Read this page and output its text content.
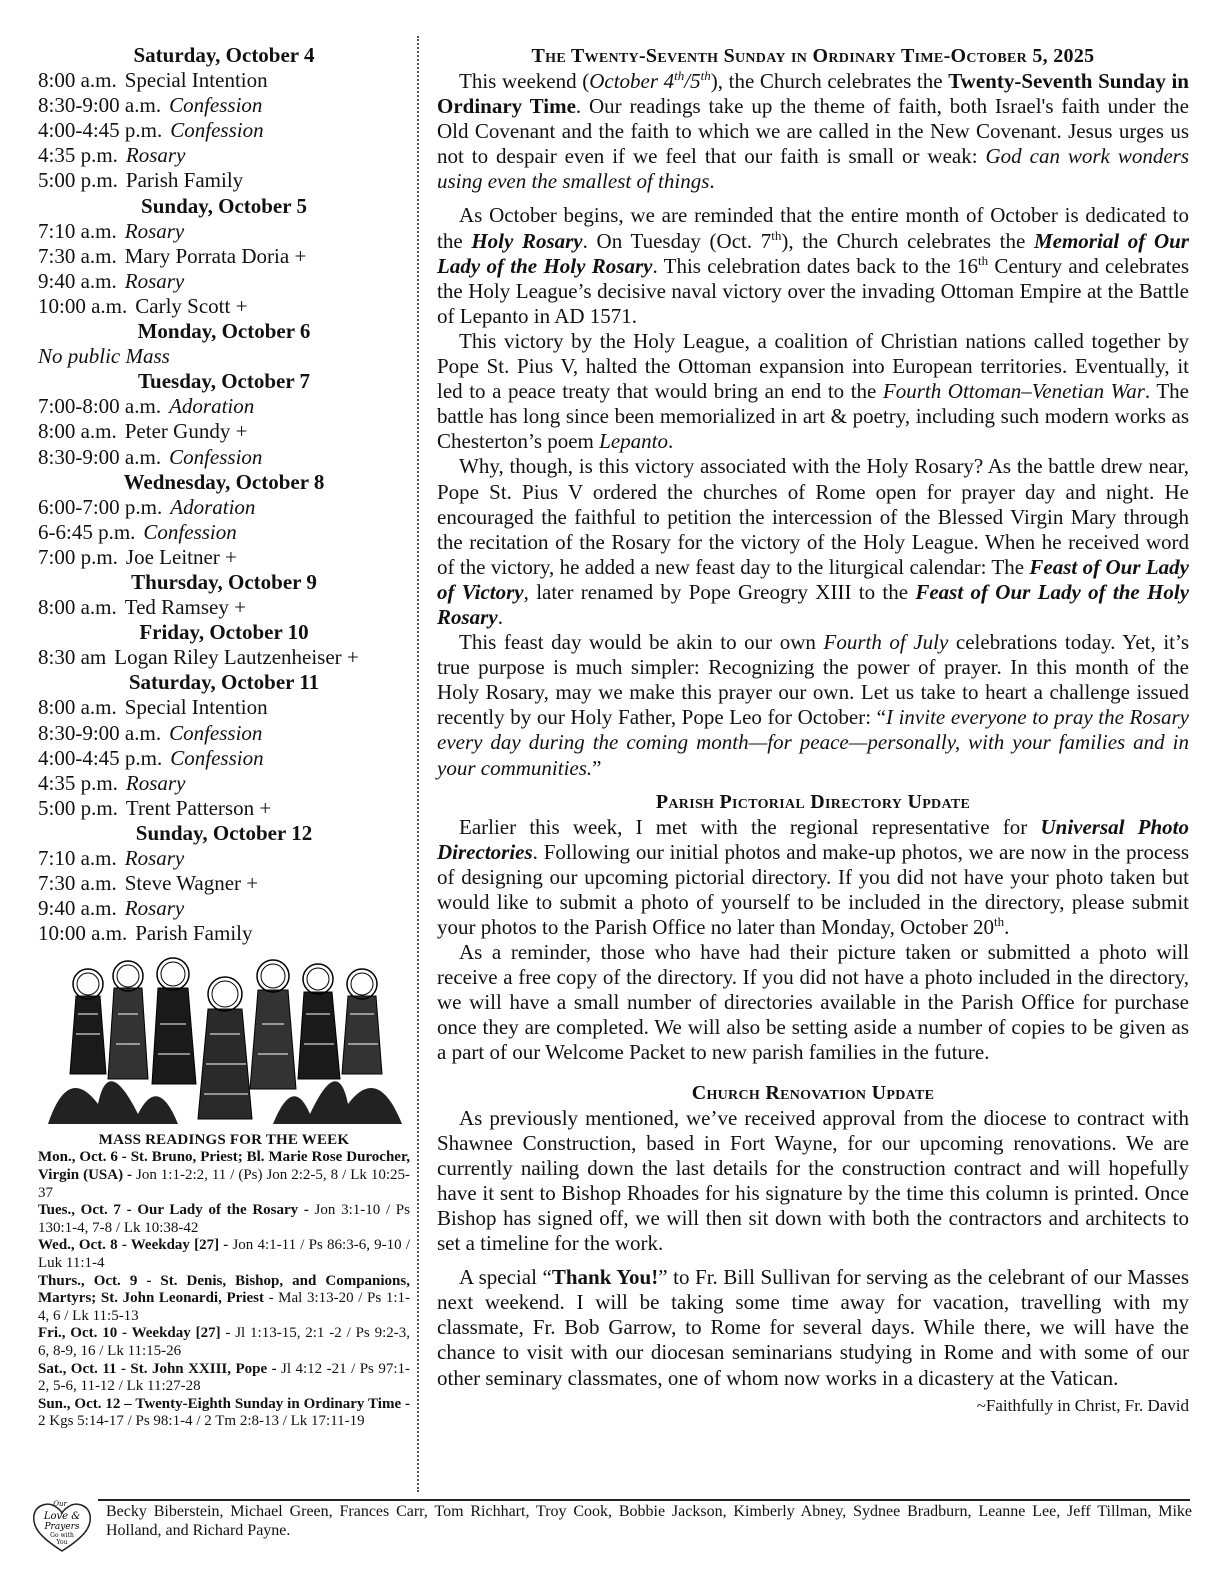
Saturday, October 4
8:00 a.m. Special Intention
8:30-9:00 a.m. Confession
4:00-4:45 p.m. Confession
4:35 p.m. Rosary
5:00 p.m. Parish Family
Sunday, October 5
7:10 a.m. Rosary
7:30 a.m. Mary Porrata Doria +
9:40 a.m. Rosary
10:00 a.m. Carly Scott +
Monday, October 6
No public Mass
Tuesday, October 7
7:00-8:00 a.m. Adoration
8:00 a.m. Peter Gundy +
8:30-9:00 a.m. Confession
Wednesday, October 8
6:00-7:00 p.m. Adoration
6-6:45 p.m. Confession
7:00 p.m. Joe Leitner +
Thursday, October 9
8:00 a.m. Ted Ramsey +
Friday, October 10
8:30 am Logan Riley Lautzenheiser +
Saturday, October 11
8:00 a.m. Special Intention
8:30-9:00 a.m. Confession
4:00-4:45 p.m. Confession
4:35 p.m. Rosary
5:00 p.m. Trent Patterson +
Sunday, October 12
7:10 a.m. Rosary
7:30 a.m. Steve Wagner +
9:40 a.m. Rosary
10:00 a.m. Parish Family
MASS READINGS FOR THE WEEK
Mon., Oct. 6 - St. Bruno, Priest; Bl. Marie Rose Durocher, Virgin (USA) - Jon 1:1-2:2, 11 / (Ps) Jon 2:2-5, 8 / Lk 10:25-37
Tues., Oct. 7 - Our Lady of the Rosary - Jon 3:1-10 / Ps 130:1-4, 7-8 / Lk 10:38-42
Wed., Oct. 8 - Weekday [27] - Jon 4:1-11 / Ps 86:3-6, 9-10 / Luk 11:1-4
Thurs., Oct. 9 - St. Denis, Bishop, and Companions, Martyrs; St. John Leonardi, Priest - Mal 3:13-20 / Ps 1:1-4, 6 / Lk 11:5-13
Fri., Oct. 10 - Weekday [27] - Jl 1:13-15, 2:1 -2 / Ps 9:2-3, 6, 8-9, 16 / Lk 11:15-26
Sat., Oct. 11 - St. John XXIII, Pope - Jl 4:12 -21 / Ps 97:1-2, 5-6, 11-12 / Lk 11:27-28
Sun., Oct. 12 – Twenty-Eighth Sunday in Ordinary Time - 2 Kgs 5:14-17 / Ps 98:1-4 / 2 Tm 2:8-13 / Lk 17:11-19
The Twenty-Seventh Sunday in Ordinary Time-October 5, 2025

This weekend (October 4th/5th), the Church celebrates the Twenty-Seventh Sunday in Ordinary Time. Our readings take up the theme of faith, both Israel's faith under the Old Covenant and the faith to which we are called in the New Covenant. Jesus urges us not to despair even if we feel that our faith is small or weak: God can work wonders using even the smallest of things.

As October begins, we are reminded that the entire month of October is dedicated to the Holy Rosary. On Tuesday (Oct. 7th), the Church celebrates the Memorial of Our Lady of the Holy Rosary. This celebration dates back to the 16th Century and celebrates the Holy League’s decisive naval victory over the invading Ottoman Empire at the Battle of Lepanto in AD 1571.

This victory by the Holy League, a coalition of Christian nations called together by Pope St. Pius V, halted the Ottoman expansion into European territories. Eventually, it led to a peace treaty that would bring an end to the Fourth Ottoman–Venetian War. The battle has long since been memorialized in art & poetry, including such modern works as Chesterton’s poem Lepanto.

Why, though, is this victory associated with the Holy Rosary? As the battle drew near, Pope St. Pius V ordered the churches of Rome open for prayer day and night. He encouraged the faithful to petition the intercession of the Blessed Virgin Mary through the recitation of the Rosary for the victory of the Holy League. When he received word of the victory, he added a new feast day to the liturgical calendar: The Feast of Our Lady of Victory, later renamed by Pope Greogry XIII to the Feast of Our Lady of the Holy Rosary.

This feast day would be akin to our own Fourth of July celebrations today. Yet, it’s true purpose is much simpler: Recognizing the power of prayer. In this month of the Holy Rosary, may we make this prayer our own. Let us take to heart a challenge issued recently by our Holy Father, Pope Leo for October: “I invite everyone to pray the Rosary every day during the coming month—for peace—personally, with your families and in your communities.”

Parish Pictorial Directory Update

Earlier this week, I met with the regional representative for Universal Photo Directories. Following our initial photos and make-up photos, we are now in the process of designing our upcoming pictorial directory. If you did not have your photo taken but would like to submit a photo of yourself to be included in the directory, please submit your photos to the Parish Office no later than Monday, October 20th.

As a reminder, those who have had their picture taken or submitted a photo will receive a free copy of the directory. If you did not have a photo included in the directory, we will have a small number of directories available in the Parish Office for purchase once they are completed. We will also be setting aside a number of copies to be given as a part of our Welcome Packet to new parish families in the future.

Church Renovation Update

As previously mentioned, we’ve received approval from the diocese to contract with Shawnee Construction, based in Fort Wayne, for our upcoming renovations. We are currently nailing down the last details for the construction contract and will hopefully have it sent to Bishop Rhoades for his signature by the time this column is printed. Once Bishop has signed off, we will then sit down with both the contractors and architects to set a timeline for the work.

A special “Thank You!” to Fr. Bill Sullivan for serving as the celebrant of our Masses next weekend. I will be taking some time away for vacation, travelling with my classmate, Fr. Bob Garrow, to Rome for several days. While there, we will have the chance to visit with our diocesan seminarians studying in Rome and with some of our other seminary classmates, one of whom now works in a dicastery at the Vatican.
~Faithfully in Christ, Fr. David

Our
Love &
Prayers
Go with
You
Becky Biberstein, Michael Green, Frances Carr, Tom Richhart, Troy Cook, Bobbie Jackson, Kimberly Abney, Sydnee Bradburn, Leanne Lee, Jeff Tillman, Mike Holland, and Richard Payne.
